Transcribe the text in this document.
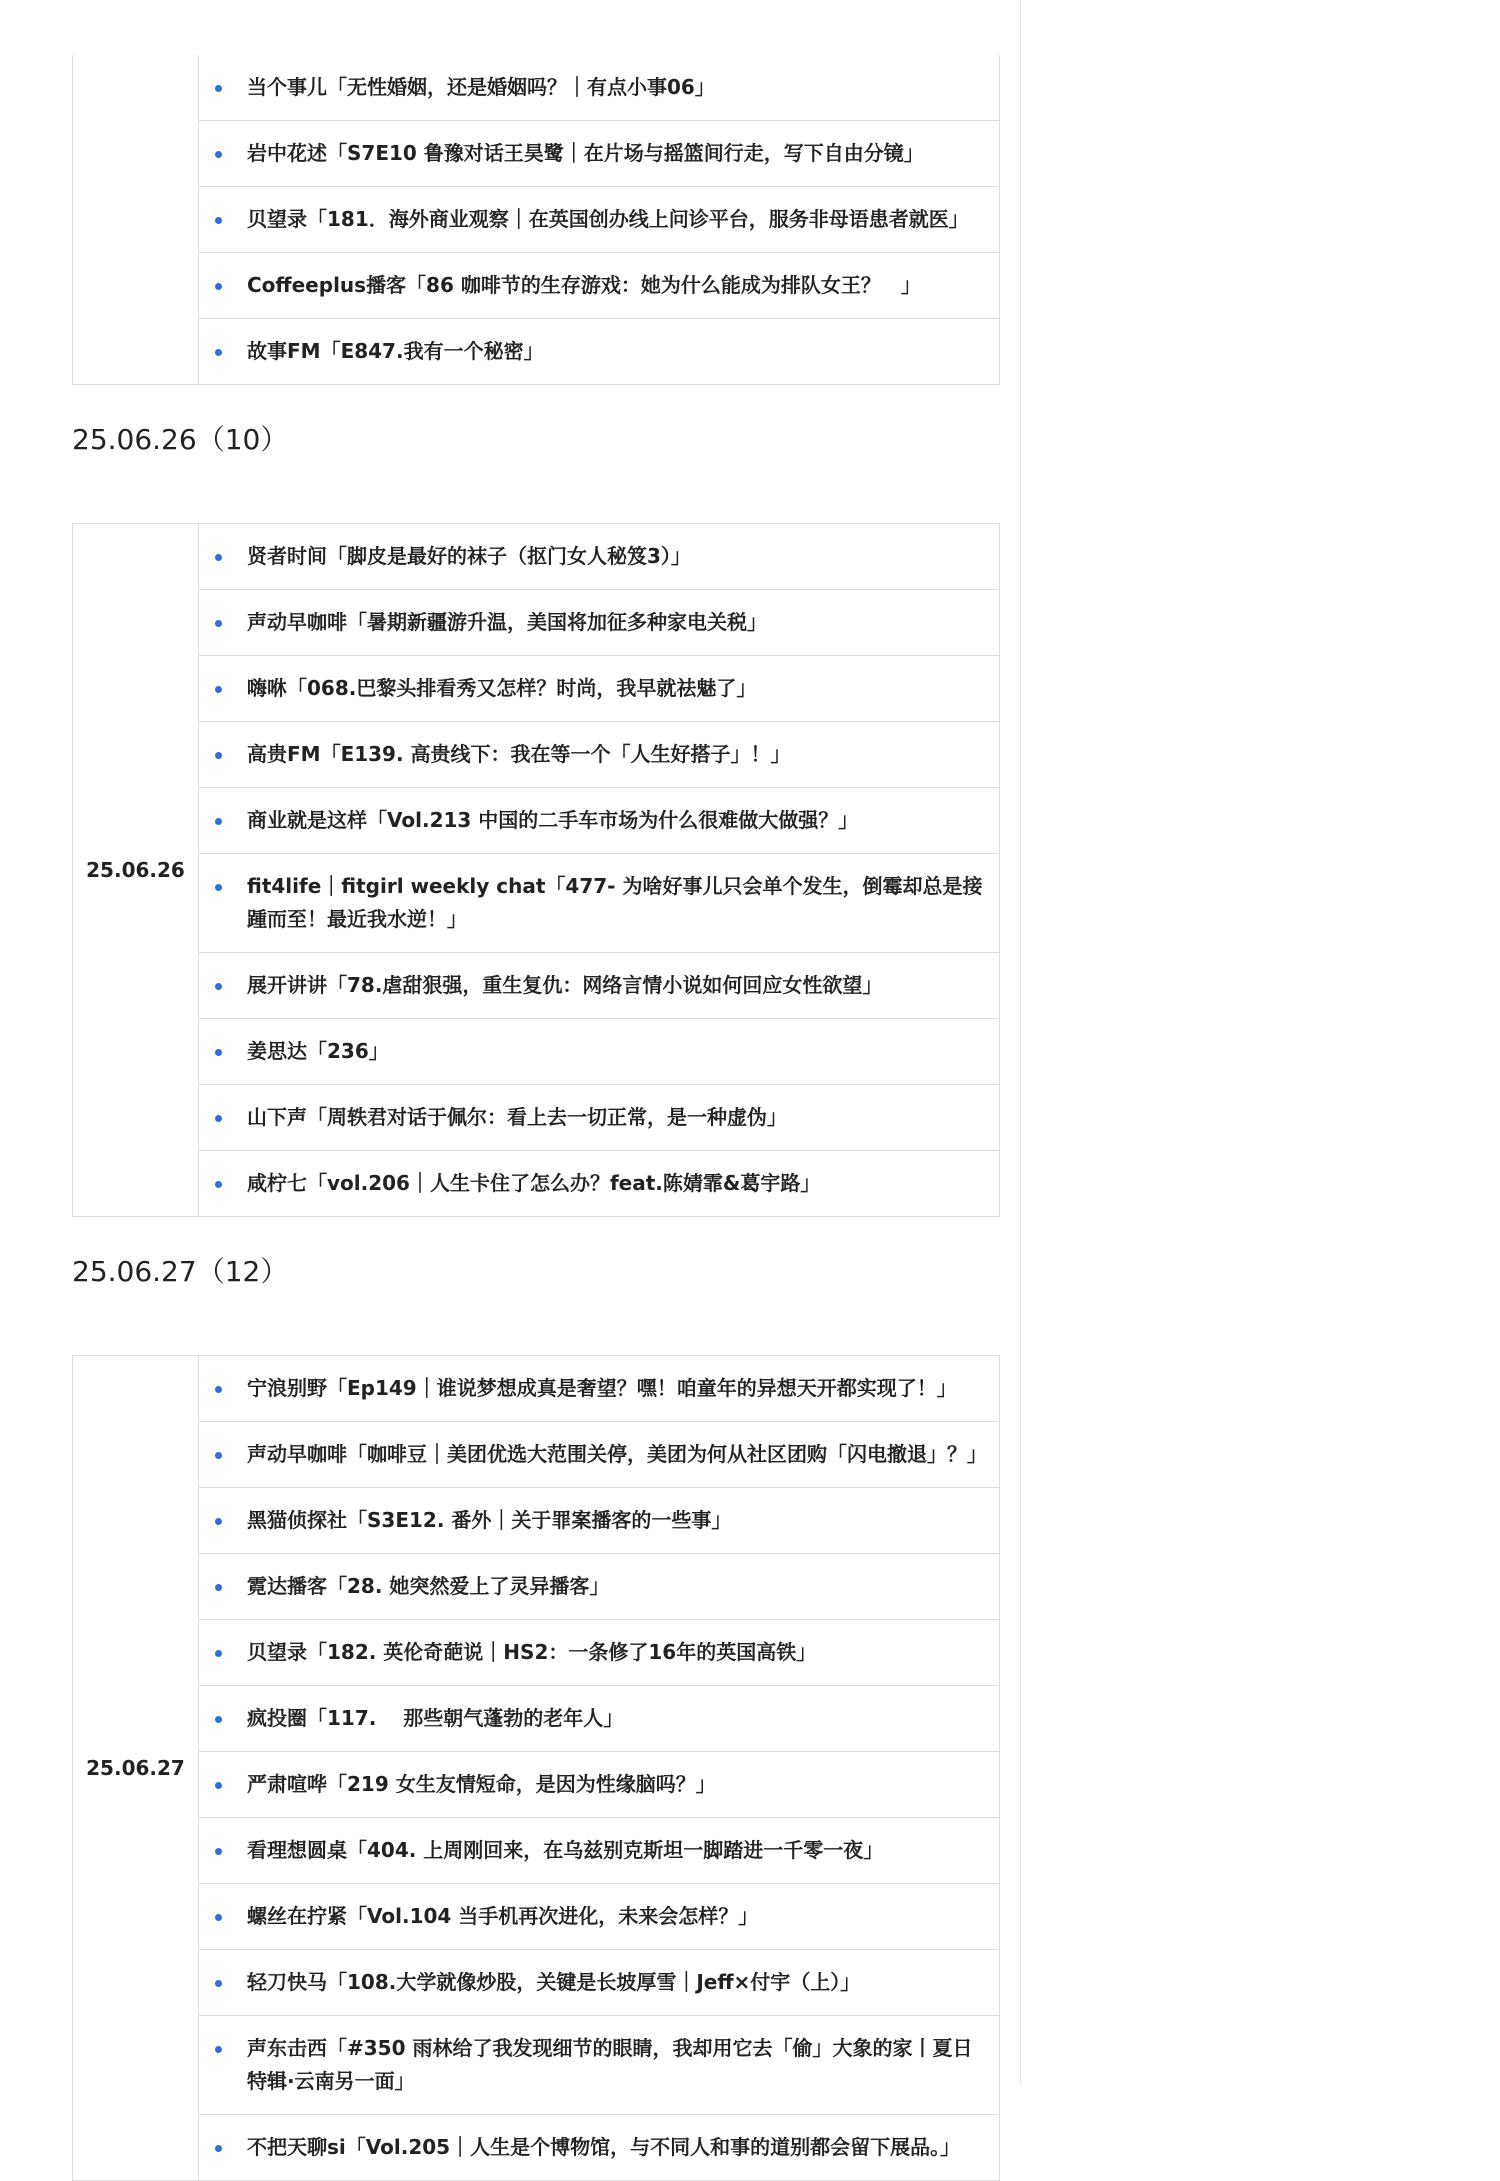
当个事儿「无性婚姻，还是婚姻吗？｜有点小事06」
岩中花述「S7E10 鲁豫对话王昊鹭｜在片场与摇篮间行走，写下自由分镜」
贝望录「181．海外商业观察｜在英国创办线上问诊平台，服务非母语患者就医」
Coffeeplus播客「86 咖啡节的生存游戏：她为什么能成为排队女王？　」
故事FM「E847.我有一个秘密」
25.06.26（10）
25.06.26	
贤者时间「脚皮是最好的袜子（抠门女人秘笈3）」
声动早咖啡「暑期新疆游升温，美国将加征多种家电关税」
嗨咻「068.巴黎头排看秀又怎样？时尚，我早就祛魅了」
高贵FM「E139. 高贵线下：我在等一个「人生好搭子」！」
商业就是这样「Vol.213 中国的二手车市场为什么很难做大做强？」
fit4life｜fitgirl weekly chat「477- 为啥好事儿只会单个发生，倒霉却总是接踵而至！最近我水逆！」
展开讲讲「78.虐甜狠强，重生复仇：网络言情小说如何回应女性欲望」
姜思达「236」
山下声「周轶君对话于佩尔：看上去一切正常，是一种虚伪」
咸柠七「vol.206｜人生卡住了怎么办？feat.陈婧霏&葛宇路」
25.06.27（12）
25.06.27	
宁浪别野「Ep149｜谁说梦想成真是奢望？嘿！咱童年的异想天开都实现了！」
声动早咖啡「咖啡豆｜美团优选大范围关停，美团为何从社区团购「闪电撤退」？」
黑猫侦探社「S3E12. 番外｜关于罪案播客的一些事」
霓达播客「28. 她突然爱上了灵异播客」
贝望录「182. 英伦奇葩说｜HS2：一条修了16年的英国高铁」
疯投圈「117.　 那些朝气蓬勃的老年人」
严肃喧哗「219 女生友情短命，是因为性缘脑吗？」
看理想圆桌「404. 上周刚回来，在乌兹别克斯坦一脚踏进一千零一夜」
螺丝在拧紧「Vol.104 当手机再次进化，未来会怎样？」
轻刀快马「108.大学就像炒股，关键是长坡厚雪｜Jeff×付宇（上）」
声东击西「#350 雨林给了我发现细节的眼睛，我却用它去「偷」大象的家丨夏日特辑·云南另一面」
不把天聊si「Vol.205｜人生是个博物馆，与不同人和事的道别都会留下展品。」
